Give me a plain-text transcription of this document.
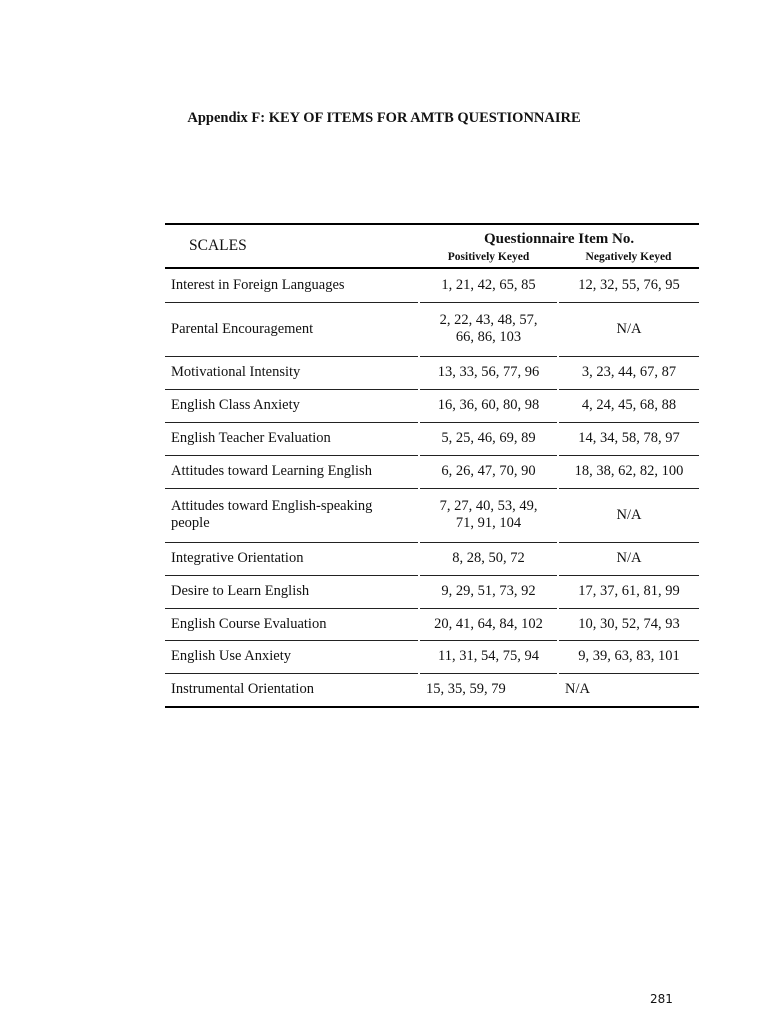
Appendix F: KEY OF ITEMS FOR AMTB QUESTIONNAIRE
SCALES	Questionnaire Item No.	
	Positively Keyed	Negatively Keyed
Interest in Foreign Languages	1, 21, 42, 65, 85	12, 32, 55, 76, 95
Parental Encouragement	2, 22, 43, 48, 57, 66, 86, 103	N/A
Motivational Intensity	13, 33, 56, 77, 96	3, 23, 44, 67, 87
English Class Anxiety	16, 36, 60, 80, 98	4, 24, 45, 68, 88
English Teacher Evaluation	5, 25, 46, 69, 89	14, 34, 58, 78, 97
Attitudes toward Learning English	6, 26, 47, 70, 90	18, 38, 62, 82, 100
Attitudes toward English-speaking people	7, 27, 40, 53, 49, 71, 91, 104	N/A
Integrative Orientation	8, 28, 50, 72	N/A
Desire to Learn English	9, 29, 51, 73, 92	17, 37, 61, 81, 99
English Course Evaluation	20, 41, 64, 84, 102	10, 30, 52, 74, 93
English Use Anxiety	11, 31, 54, 75, 94	9, 39, 63, 83, 101
Instrumental Orientation	15, 35, 59, 79	N/A
281
